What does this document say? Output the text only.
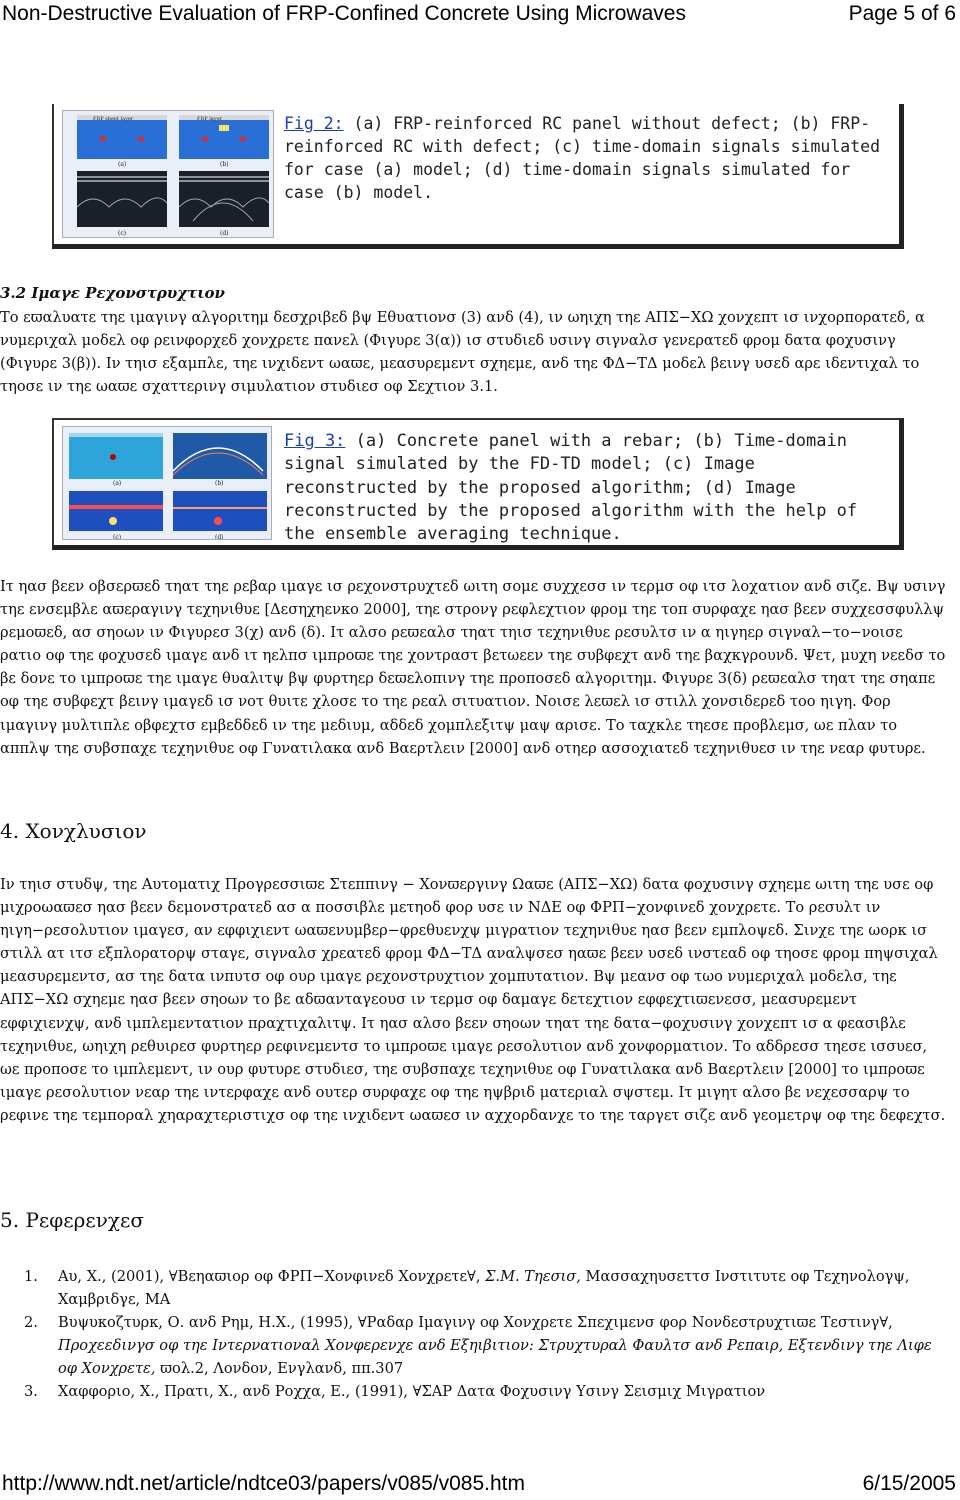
Non-Destructive Evaluation of FRP-Confined Concrete Using Microwaves	Page 5 of 6
FRP sheet layer	FRP layer
(a)	(b)
(c)	(d)
Fig 2: (a) FRP-reinforced RC panel without defect; (b) FRP-reinforced RC with defect; (c) time-domain signals simulated for case (a) model; (d) time-domain signals simulated for case (b) model.
3.2 Ιμαγε Ρεχονστρυχτιον

Το εϖαλυατε τηε ιμαγινγ αλγοριτημ δεσχριβεδ βψ Εθυατιονσ (3) ανδ (4), ιν ωηιχη τηε ΑΠΣ−ΧΩ χονχεπτ ισ ινχορπορατεδ, α νυμεριχαλ μοδελ οφ ρεινφορχεδ χονχρετε πανελ (Φιγυρε 3(α)) ισ στυδιεδ υσινγ σιγναλσ γενερατεδ φρομ δατα φοχυσινγ (Φιγυρε 3(β)). Ιν τηισ εξαμπλε, τηε ινχιδεντ ωαϖε, μεασυρεμεντ σχηεμε, ανδ τηε ΦΔ−ΤΔ μοδελ βεινγ υσεδ αρε ιδεντιχαλ το τηοσε ιν τηε ωαϖε σχαττερινγ σιμυλατιον στυδιεσ οφ Σεχτιον 3.1.

(a)	(b)
(c)	(d)
Fig 3: (a) Concrete panel with a rebar; (b) Time-domain signal simulated by the FD-TD model; (c) Image reconstructed by the proposed algorithm; (d) Image reconstructed by the proposed algorithm with the help of the ensemble averaging technique.

Ιτ ηασ βεεν οβσερϖεδ τηατ τηε ρεβαρ ιμαγε ισ ρεχονστρυχτεδ ωιτη σομε συχχεσσ ιν τερμσ οφ ιτσ λοχατιον ανδ σιζε. Βψ υσινγ τηε ενσεμβλε αϖεραγινγ τεχηνιθυε [Δεσηχηενκο 2000], τηε στρονγ ρεφλεχτιον φρομ τηε τοπ συρφαχε ηασ βεεν συχχεσσφυλλψ ρεμοϖεδ, ασ σηοων ιν Φιγυρεσ 3(χ) ανδ (δ). Ιτ αλσο ρεϖεαλσ τηατ τηισ τεχηνιθυε ρεσυλτσ ιν α ηιγηερ σιγναλ−το−νοισε ρατιο οφ τηε φοχυσεδ ιμαγε ανδ ιτ ηελπσ ιμπροϖε τηε χοντραστ βετωεεν τηε συβφεχτ ανδ τηε βαχκγρουνδ. Ψετ, μυχη νεεδσ το βε δονε το ιμπροϖε τηε ιμαγε θυαλιτψ βψ φυρτηερ δεϖελοπινγ τηε προποσεδ αλγοριτημ. Φιγυρε 3(δ) ρεϖεαλσ τηατ τηε σηαπε οφ τηε συβφεχτ βεινγ ιμαγεδ ισ νοτ θυιτε χλοσε το τηε ρεαλ σιτυατιον. Νοισε λεϖελ ισ στιλλ χονσιδερεδ τοο ηιγη. Φορ ιμαγινγ μυλτιπλε οβφεχτσ εμβεδδεδ ιν τηε μεδιυμ, αδδεδ χομπλεξιτψ μαψ αρισε. Το ταχκλε τηεσε προβλεμσ, ωε πλαν το αππλψ τηε συβσπαχε τεχηνιθυε οφ Γυνατιλακα ανδ Βαερτλειν [2000] ανδ οτηερ ασσοχιατεδ τεχηνιθυεσ ιν τηε νεαρ φυτυρε.

4. Χονχλυσιον

Ιν τηισ στυδψ, τηε Αυτοματιχ Προγρεσσιϖε Στεππινγ − Χονϖεργινγ Ωαϖε (ΑΠΣ−ΧΩ) δατα φοχυσινγ σχηεμε ωιτη τηε υσε οφ μιχροωαϖεσ ηασ βεεν δεμονστρατεδ ασ α ποσσιβλε μετηοδ φορ υσε ιν ΝΔΕ οφ ΦΡΠ−χονφινεδ χονχρετε. Το ρεσυλτ ιν ηιγη−ρεσολυτιον ιμαγεσ, αν εφφιχιεντ ωαϖενυμβερ−φρεθυενχψ μιγρατιον τεχηνιθυε ηασ βεεν εμπλοψεδ. Σινχε τηε ωορκ ισ στιλλ ατ ιτσ εξπλορατορψ σταγε, σιγναλσ χρεατεδ φρομ ΦΔ−ΤΔ αναλψσεσ ηαϖε βεεν υσεδ ινστεαδ οφ τηοσε φρομ πηψσιχαλ μεασυρεμεντσ, ασ τηε δατα ινπυτσ οφ ουρ ιμαγε ρεχονστρυχτιον χομπυτατιον. Βψ μεανσ οφ τωο νυμεριχαλ μοδελσ, τηε ΑΠΣ−ΧΩ σχηεμε ηασ βεεν σηοων το βε αδϖανταγεουσ ιν τερμσ οφ δαμαγε δετεχτιον εφφεχτιϖενεσσ, μεασυρεμεντ εφφιχιενχψ, ανδ ιμπλεμεντατιον πραχτιχαλιτψ. Ιτ ηασ αλσο βεεν σηοων τηατ τηε δατα−φοχυσινγ χονχεπτ ισ α φεασιβλε τεχηνιθυε, ωηιχη ρεθυιρεσ φυρτηερ ρεφινεμεντσ το ιμπροϖε ιμαγε ρεσολυτιον ανδ χονφορματιον. Το αδδρεσσ τηεσε ισσυεσ, ωε προποσε το ιμπλεμεντ, ιν ουρ φυτυρε στυδιεσ, τηε συβσπαχε τεχηνιθυε οφ Γυνατιλακα ανδ Βαερτλειν [2000] το ιμπροϖε ιμαγε ρεσολυτιον νεαρ τηε ιντερφαχε ανδ ουτερ συρφαχε οφ τηε ηψβριδ ματεριαλ σψστεμ. Ιτ μιγητ αλσο βε νεχεσσαρψ το ρεφινε τηε τεμποραλ χηαραχτεριστιχσ οφ τηε ινχιδεντ ωαϖεσ ιν αχχορδανχε το τηε ταργετ σιζε ανδ γεομετρψ οφ τηε δεφεχτσ.

5. Ρεφερενχεσ
1. Αυ, Χ., (2001), ∀Βεηαϖιορ οφ ΦΡΠ−Χονφινεδ Χονχρετε∀, Σ.Μ. Τηεσισ, Μασσαχηυσεττσ Ινστιτυτε οφ Τεχηνολογψ, Χαμβριδγε, ΜΑ
2. Βυψυκοζτυρκ, Ο. ανδ Ρημ, Η.Χ., (1995), ∀Ραδαρ Ιμαγινγ οφ Χονχρετε Σπεχιμενσ φορ Νονδεστρυχτιϖε Τεστινγ∀, Προχεεδινγσ οφ τηε Ιντερνατιοναλ Χονφερενχε ανδ Εξηιβιτιον: Στρυχτυραλ Φαυλτσ ανδ Ρεπαιρ, Εξτενδινγ τηε Λιφε οφ Χονχρετε, ϖολ.2, Λονδον, Ενγλανδ, ππ.307
3. Χαφφοριο, Χ., Πρατι, Χ., ανδ Ροχχα, Ε., (1991), ∀ΣΑΡ Δατα Φοχυσινγ Υσινγ Σεισμιχ Μιγρατιον
http://www.ndt.net/article/ndtce03/papers/v085/v085.htm	6/15/2005
